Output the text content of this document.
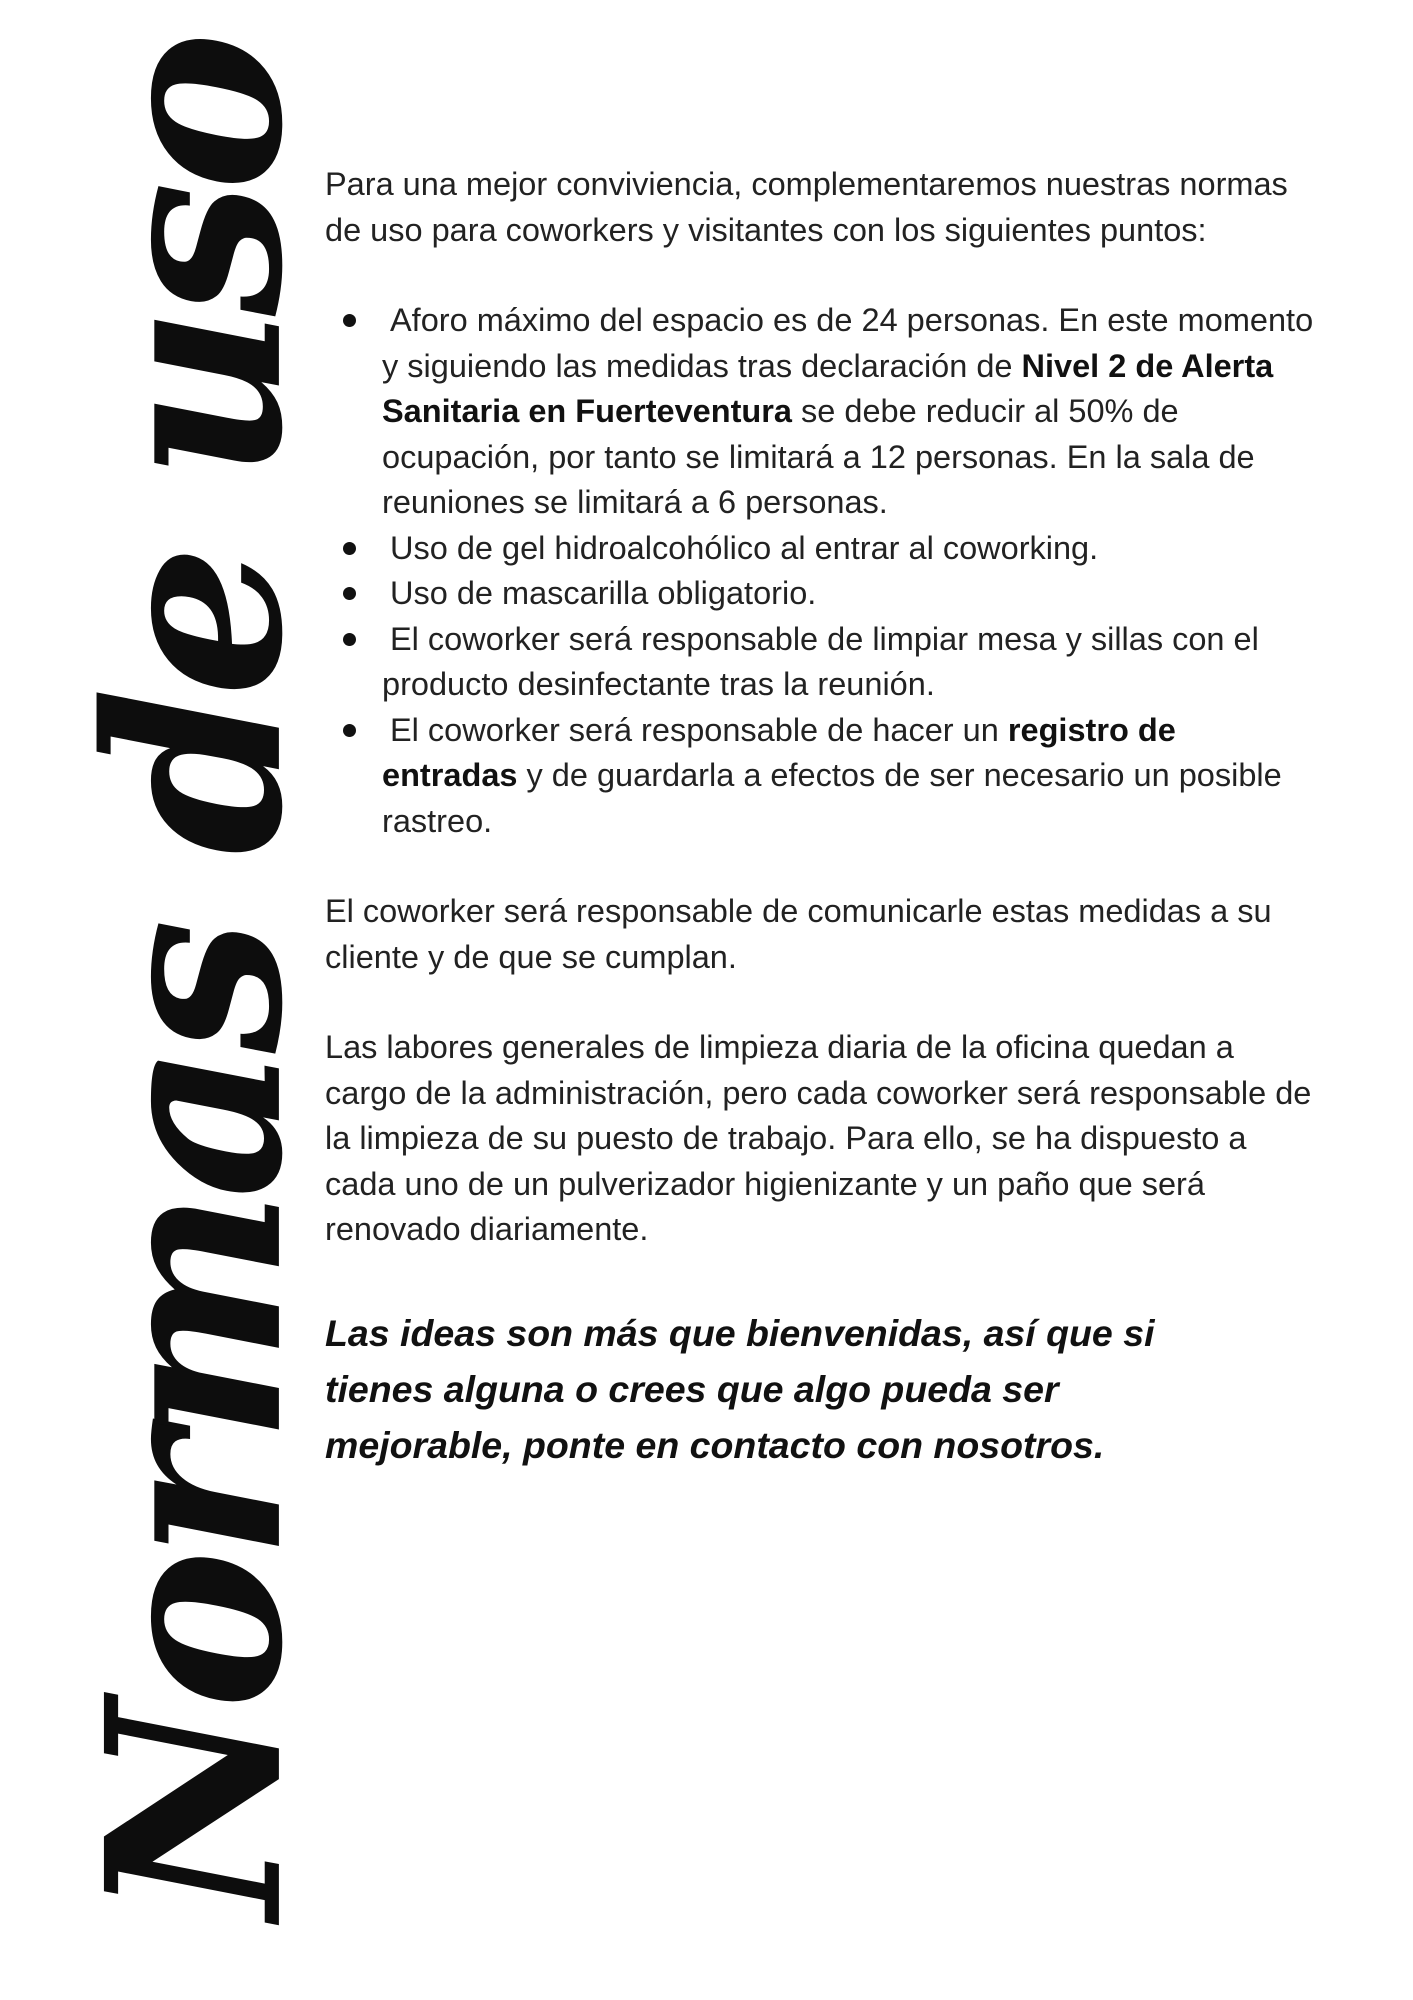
Normas de uso

Para una mejor convivienci​a, complementaremos nuestras normas de uso para coworkers y visitantes con los siguientes puntos:

Aforo máximo del espacio es de 24 personas. En este momento y siguiendo las medidas tras declaración de Nivel 2 de Alerta Sanitaria en Fuerteventura se debe reducir al 50% de ocupación, por tanto se limitará a 12 personas. En la sala de reuniones se limitará a 6 personas.
Uso de gel hidroalcohólico al entrar al coworking.
Uso de mascarilla obligatorio.
El coworker será responsable de limpiar mesa y sillas con el producto desinfectante tras la reunión.
El coworker será responsable de hacer un registro de entradas y de guardarla a efectos de ser necesario un posible rastreo.

El coworker será responsable de comunicarle estas medidas a su cliente y de que se cumplan.

Las labores generales de limpieza diaria de la oficina quedan a cargo de la administración, pero cada coworker será responsable de la limpieza de su puesto de trabajo. Para ello, se ha dispuesto a cada uno de un pulverizador higienizante y un paño que será renovado diariamente.

Las ideas son más que bienvenidas, así que si tienes alguna o crees que algo pueda ser mejorable, ponte en contacto con nosotros.
